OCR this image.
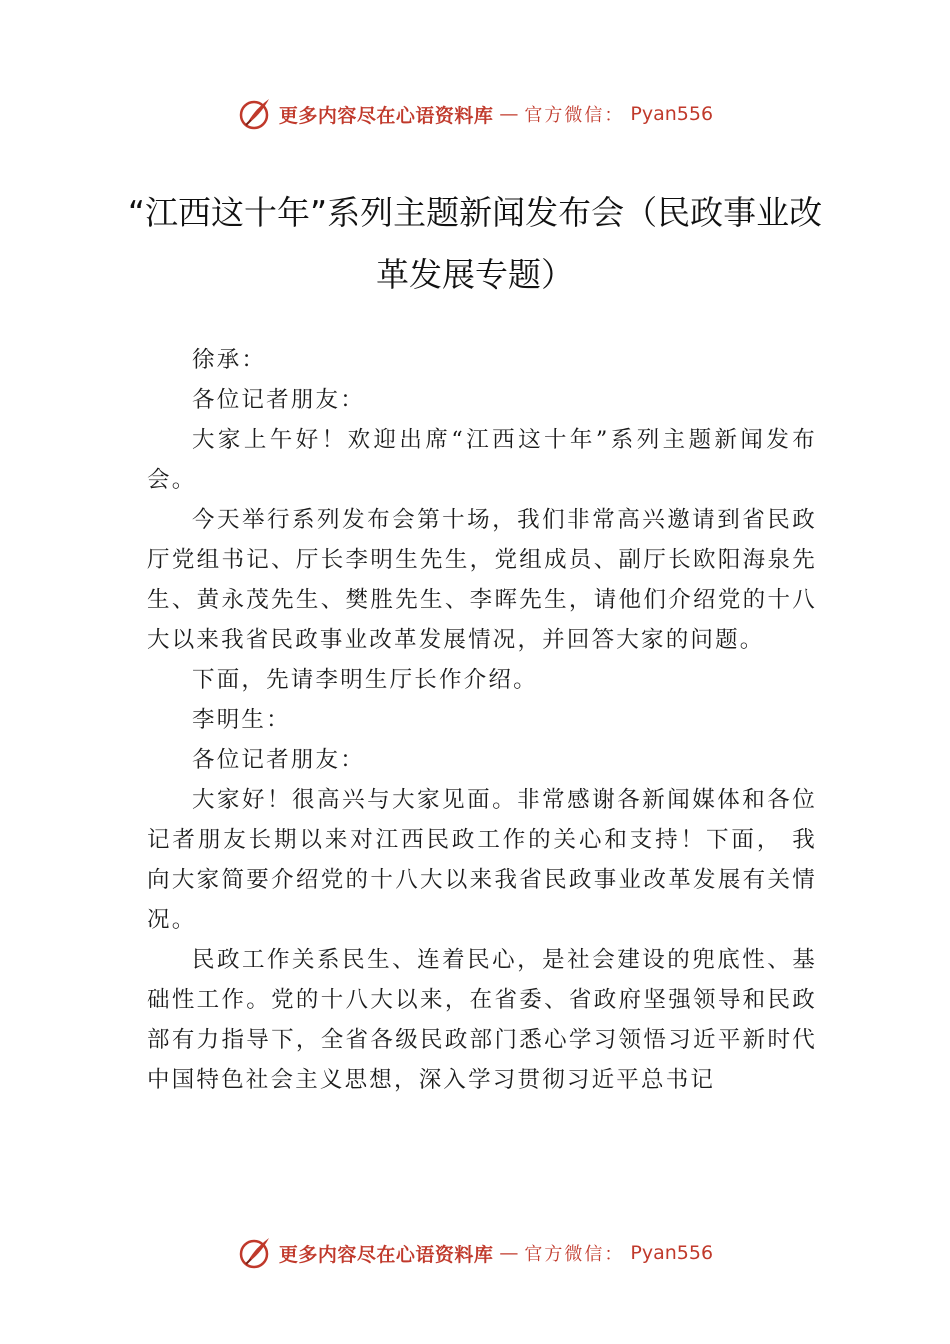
更多内容尽在心语资料库 — 官方微信： Pyan556
“江西这十年”系列主题新闻发布会（民政事业改革发展专题）

徐承：

各位记者朋友：

大家上午好！欢迎出席“江西这十年”系列主题新闻发布会。

今天举行系列发布会第十场，我们非常高兴邀请到省民政厅党组书记、厅长李明生先生，党组成员、副厅长欧阳海泉先生、黄永茂先生、樊胜先生、李晖先生，请他们介绍党的十八大以来我省民政事业改革发展情况，并回答大家的问题。

下面，先请李明生厅长作介绍。

李明生：

各位记者朋友：

大家好！很高兴与大家见面。非常感谢各新闻媒体和各位记者朋友长期以来对江西民政工作的关心和支持！下面， 我向大家简要介绍党的十八大以来我省民政事业改革发展有关情况。

民政工作关系民生、连着民心，是社会建设的兜底性、基础性工作。党的十八大以来，在省委、省政府坚强领导和民政部有力指导下，全省各级民政部门悉心学习领悟习近平新时代中国特色社会主义思想，深入学习贯彻习近平总书记

更多内容尽在心语资料库 — 官方微信： Pyan556
